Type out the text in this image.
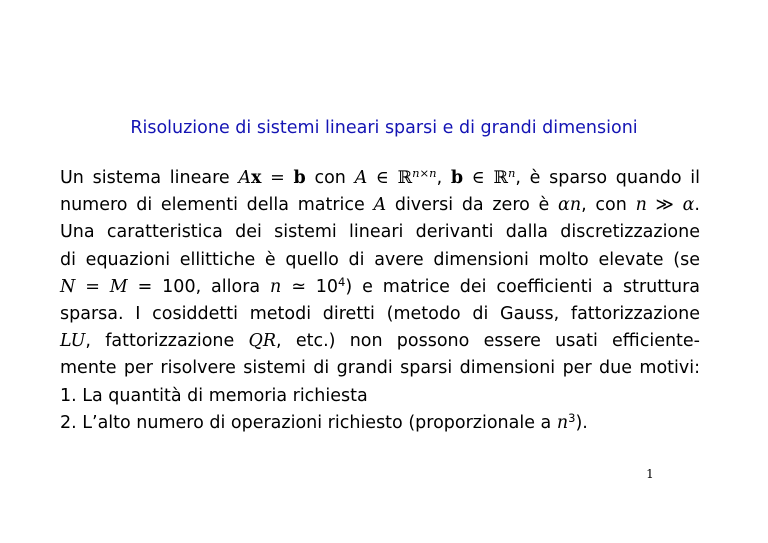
Risoluzione di sistemi lineari sparsi e di grandi dimensioni
Un sistema lineare Ax = b con A ∈ ℝ$^{n\times n}$, b ∈ ℝ$^n$, è sparso quando il
numero di elementi della matrice A diversi da zero è αn, con n ≫ α.
Una caratteristica dei sistemi lineari derivanti dalla discretizzazione
di equazioni ellittiche è quello di avere dimensioni molto elevate (se
N = M = 100, allora n ≃ $10^4$) e matrice dei coefficienti a struttura
sparsa. I cosiddetti metodi diretti (metodo di Gauss, fattorizzazione
LU, fattorizzazione QR, etc.) non possono essere usati efficiente-
mente per risolvere sistemi di grandi sparsi dimensioni per due motivi:
1. La quantità di memoria richiesta
2. L’alto numero di operazioni richiesto (proporzionale a $n^3$).
1
